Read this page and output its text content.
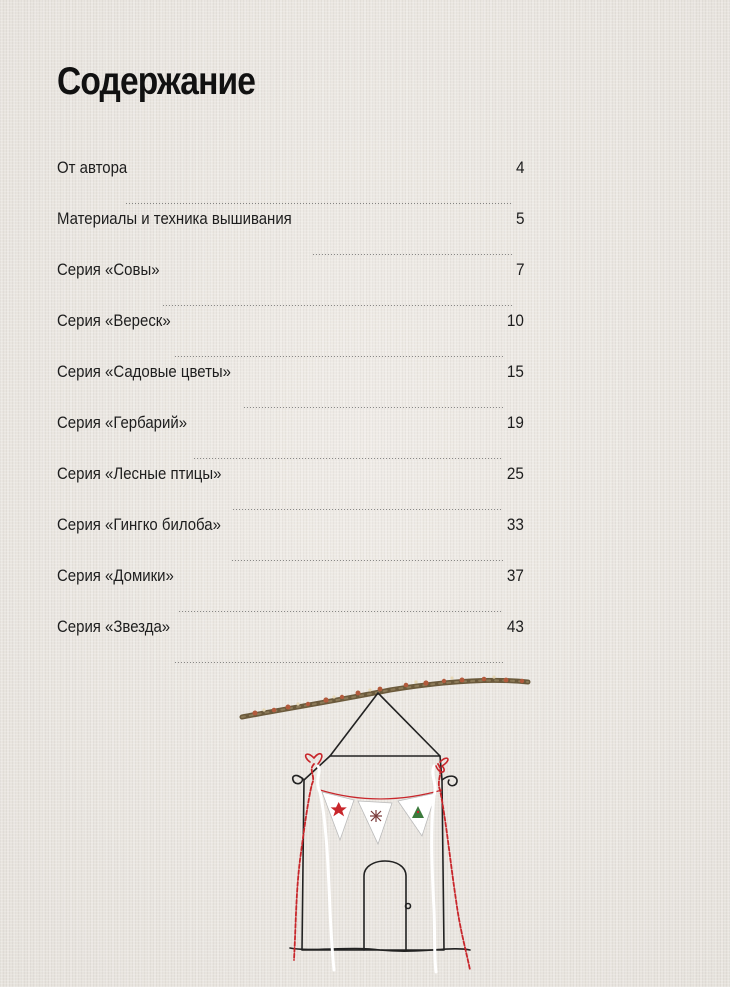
Содержание
От автора	4
Материалы и техника вышивания	5
Серия «Совы»	7
Серия «Вереск»	10
Серия «Садовые цветы»	15
Серия «Гербарий»	19
Серия «Лесные птицы»	25
Серия «Гингко билоба»	33
Серия «Домики»	37
Серия «Звезда»	43
